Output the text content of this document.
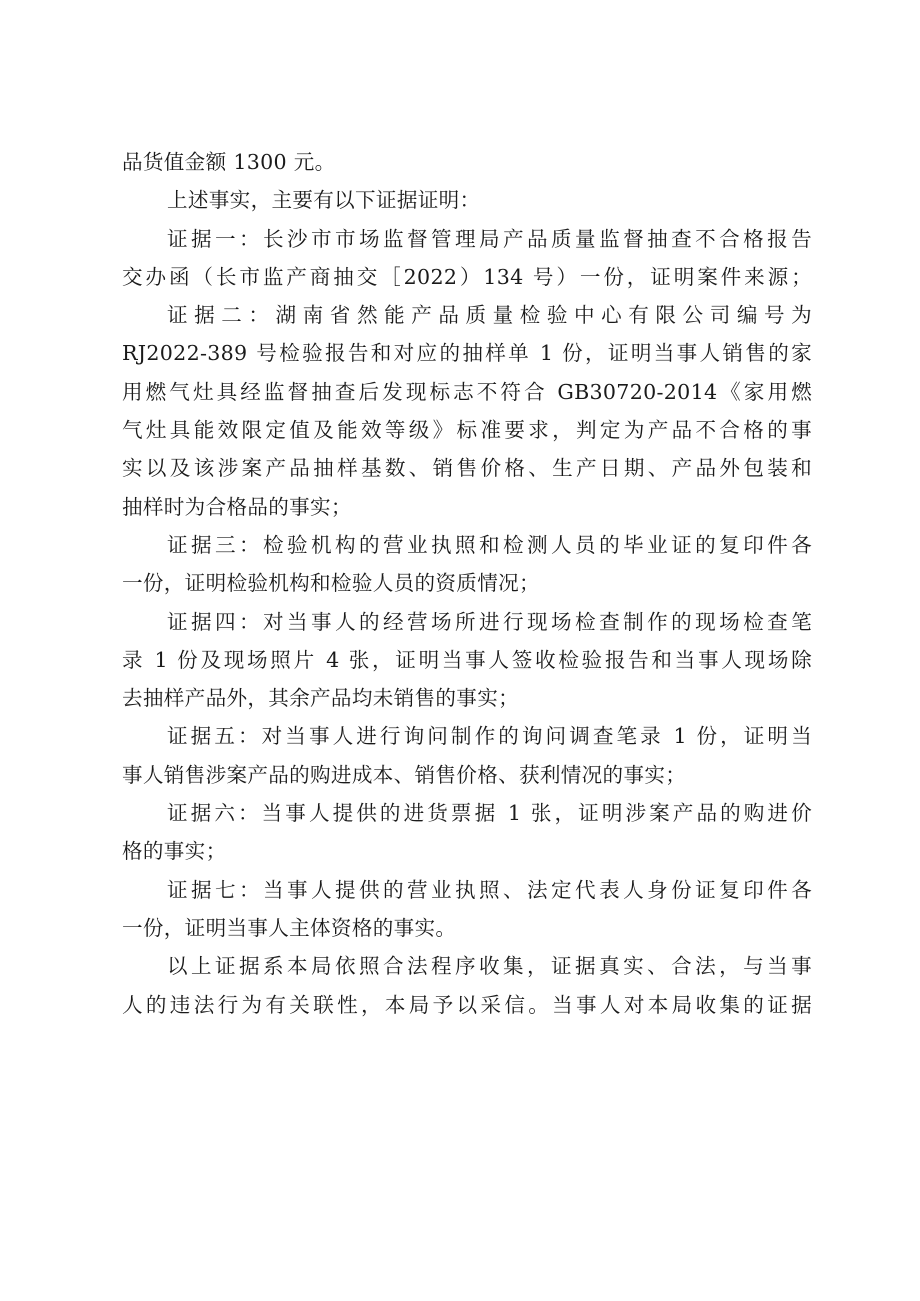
品货值金额 1300 元。
上述事实，主要有以下证据证明：
证据一：长沙市市场监督管理局产品质量监督抽查不合格报告
交办函（长市监产商抽交［2022）134 号）一份，证明案件来源；
证据二：湖南省然能产品质量检验中心有限公司编号为
RJ2022-389 号检验报告和对应的抽样单 1 份，证明当事人销售的家
用燃气灶具经监督抽查后发现标志不符合 GB30720-2014《家用燃
气灶具能效限定值及能效等级》标准要求，判定为产品不合格的事
实以及该涉案产品抽样基数、销售价格、生产日期、产品外包装和
抽样时为合格品的事实；
证据三：检验机构的营业执照和检测人员的毕业证的复印件各
一份，证明检验机构和检验人员的资质情况；
证据四：对当事人的经营场所进行现场检查制作的现场检查笔
录 1 份及现场照片 4 张，证明当事人签收检验报告和当事人现场除
去抽样产品外，其余产品均未销售的事实；
证据五：对当事人进行询问制作的询问调查笔录 1 份，证明当
事人销售涉案产品的购进成本、销售价格、获利情况的事实；
证据六：当事人提供的进货票据 1 张，证明涉案产品的购进价
格的事实；
证据七：当事人提供的营业执照、法定代表人身份证复印件各
一份，证明当事人主体资格的事实。
以上证据系本局依照合法程序收集，证据真实、合法，与当事
人的违法行为有关联性，本局予以采信。当事人对本局收集的证据
